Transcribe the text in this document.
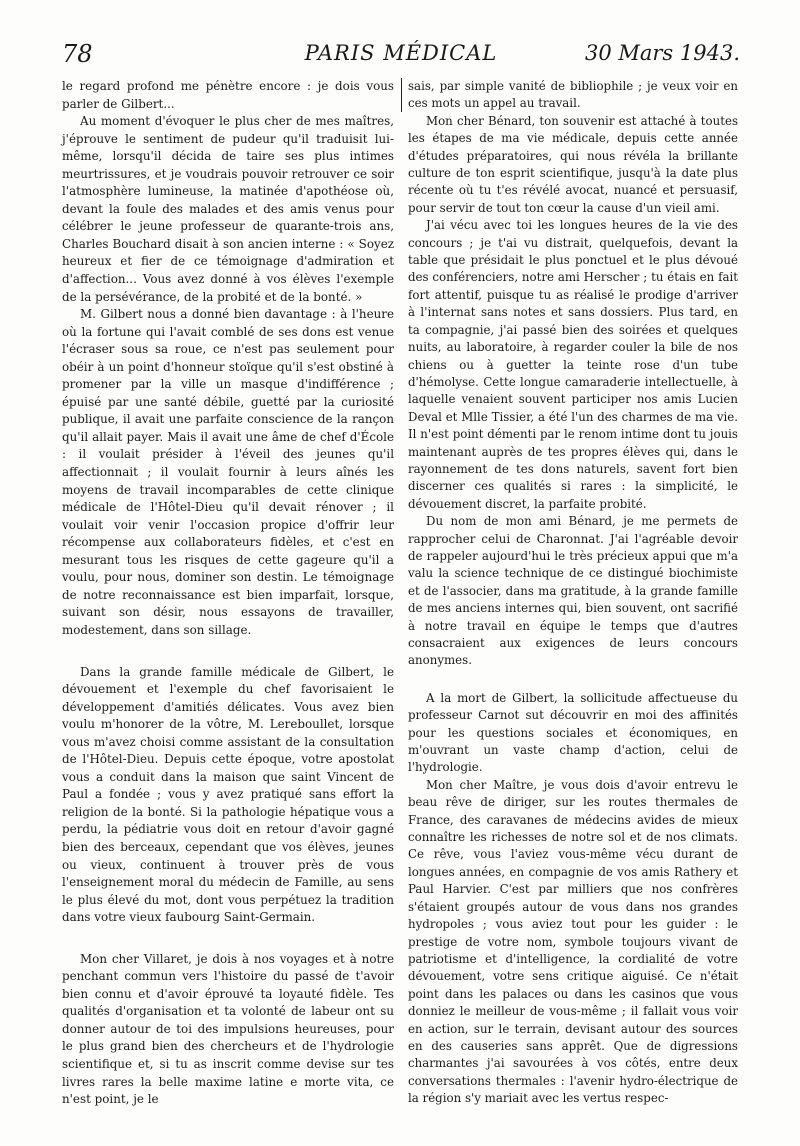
78	PARIS MÉDICAL	30 Mars 1943.

le regard profond me pénètre encore : je dois vous parler de Gilbert...

Au moment d'évoquer le plus cher de mes maîtres, j'éprouve le sentiment de pudeur qu'il traduisit lui-même, lorsqu'il décida de taire ses plus intimes meurtrissures, et je voudrais pouvoir retrouver ce soir l'atmosphère lumineuse, la matinée d'apothéose où, devant la foule des malades et des amis venus pour célébrer le jeune professeur de quarante-trois ans, Charles Bouchard disait à son ancien interne : « Soyez heureux et fier de ce témoignage d'admiration et d'affection... Vous avez donné à vos élèves l'exemple de la persévérance, de la probité et de la bonté. »

M. Gilbert nous a donné bien davantage : à l'heure où la fortune qui l'avait comblé de ses dons est venue l'écraser sous sa roue, ce n'est pas seulement pour obéir à un point d'honneur stoïque qu'il s'est obstiné à promener par la ville un masque d'indifférence ; épuisé par une santé débile, guetté par la curiosité publique, il avait une parfaite conscience de la rançon qu'il allait payer. Mais il avait une âme de chef d'École : il voulait présider à l'éveil des jeunes qu'il affectionnait ; il voulait fournir à leurs aînés les moyens de travail incomparables de cette clinique médicale de l'Hôtel-Dieu qu'il devait rénover ; il voulait voir venir l'occasion propice d'offrir leur récompense aux collaborateurs fidèles, et c'est en mesurant tous les risques de cette gageure qu'il a voulu, pour nous, dominer son destin. Le témoignage de notre reconnaissance est bien imparfait, lorsque, suivant son désir, nous essayons de travailler, modestement, dans son sillage.

Dans la grande famille médicale de Gilbert, le dévouement et l'exemple du chef favorisaient le développement d'amitiés délicates. Vous avez bien voulu m'honorer de la vôtre, M. Lereboullet, lorsque vous m'avez choisi comme assistant de la consultation de l'Hôtel-Dieu. Depuis cette époque, votre apostolat vous a conduit dans la maison que saint Vincent de Paul a fondée ; vous y avez pratiqué sans effort la religion de la bonté. Si la pathologie hépatique vous a perdu, la pédiatrie vous doit en retour d'avoir gagné bien des berceaux, cependant que vos élèves, jeunes ou vieux, continuent à trouver près de vous l'enseignement moral du médecin de Famille, au sens le plus élevé du mot, dont vous perpétuez la tradition dans votre vieux faubourg Saint-Germain.

Mon cher Villaret, je dois à nos voyages et à notre penchant commun vers l'histoire du passé de t'avoir bien connu et d'avoir éprouvé ta loyauté fidèle. Tes qualités d'organisation et ta volonté de labeur ont su donner autour de toi des impulsions heureuses, pour le plus grand bien des chercheurs et de l'hydrologie scientifique et, si tu as inscrit comme devise sur tes livres rares la belle maxime latine e morte vita, ce n'est point, je le

sais, par simple vanité de bibliophile ; je veux voir en ces mots un appel au travail.

Mon cher Bénard, ton souvenir est attaché à toutes les étapes de ma vie médicale, depuis cette année d'études préparatoires, qui nous révéla la brillante culture de ton esprit scientifique, jusqu'à la date plus récente où tu t'es révélé avocat, nuancé et persuasif, pour servir de tout ton cœur la cause d'un vieil ami.

J'ai vécu avec toi les longues heures de la vie des concours ; je t'ai vu distrait, quelquefois, devant la table que présidait le plus ponctuel et le plus dévoué des conférenciers, notre ami Herscher ; tu étais en fait fort attentif, puisque tu as réalisé le prodige d'arriver à l'internat sans notes et sans dossiers. Plus tard, en ta compagnie, j'ai passé bien des soirées et quelques nuits, au laboratoire, à regarder couler la bile de nos chiens ou à guetter la teinte rose d'un tube d'hémolyse. Cette longue camaraderie intellectuelle, à laquelle venaient souvent participer nos amis Lucien Deval et Mlle Tissier, a été l'un des charmes de ma vie. Il n'est point démenti par le renom intime dont tu jouis maintenant auprès de tes propres élèves qui, dans le rayonnement de tes dons naturels, savent fort bien discerner ces qualités si rares : la simplicité, le dévouement discret, la parfaite probité.

Du nom de mon ami Bénard, je me permets de rapprocher celui de Charonnat. J'ai l'agréable devoir de rappeler aujourd'hui le très précieux appui que m'a valu la science technique de ce distingué biochimiste et de l'associer, dans ma gratitude, à la grande famille de mes anciens internes qui, bien souvent, ont sacrifié à notre travail en équipe le temps que d'autres consacraient aux exigences de leurs concours anonymes.

A la mort de Gilbert, la sollicitude affectueuse du professeur Carnot sut découvrir en moi des affinités pour les questions sociales et économiques, en m'ouvrant un vaste champ d'action, celui de l'hydrologie.

Mon cher Maître, je vous dois d'avoir entrevu le beau rêve de diriger, sur les routes thermales de France, des caravanes de médecins avides de mieux connaître les richesses de notre sol et de nos climats. Ce rêve, vous l'aviez vous-même vécu durant de longues années, en compagnie de vos amis Rathery et Paul Harvier. C'est par milliers que nos confrères s'étaient groupés autour de vous dans nos grandes hydropoles ; vous aviez tout pour les guider : le prestige de votre nom, symbole toujours vivant de patriotisme et d'intelligence, la cordialité de votre dévouement, votre sens critique aiguisé. Ce n'était point dans les palaces ou dans les casinos que vous donniez le meilleur de vous-même ; il fallait vous voir en action, sur le terrain, devisant autour des sources en des causeries sans apprêt. Que de digressions charmantes j'ai savourées à vos côtés, entre deux conversations thermales : l'avenir hydro-électrique de la région s'y mariait avec les vertus respec-
